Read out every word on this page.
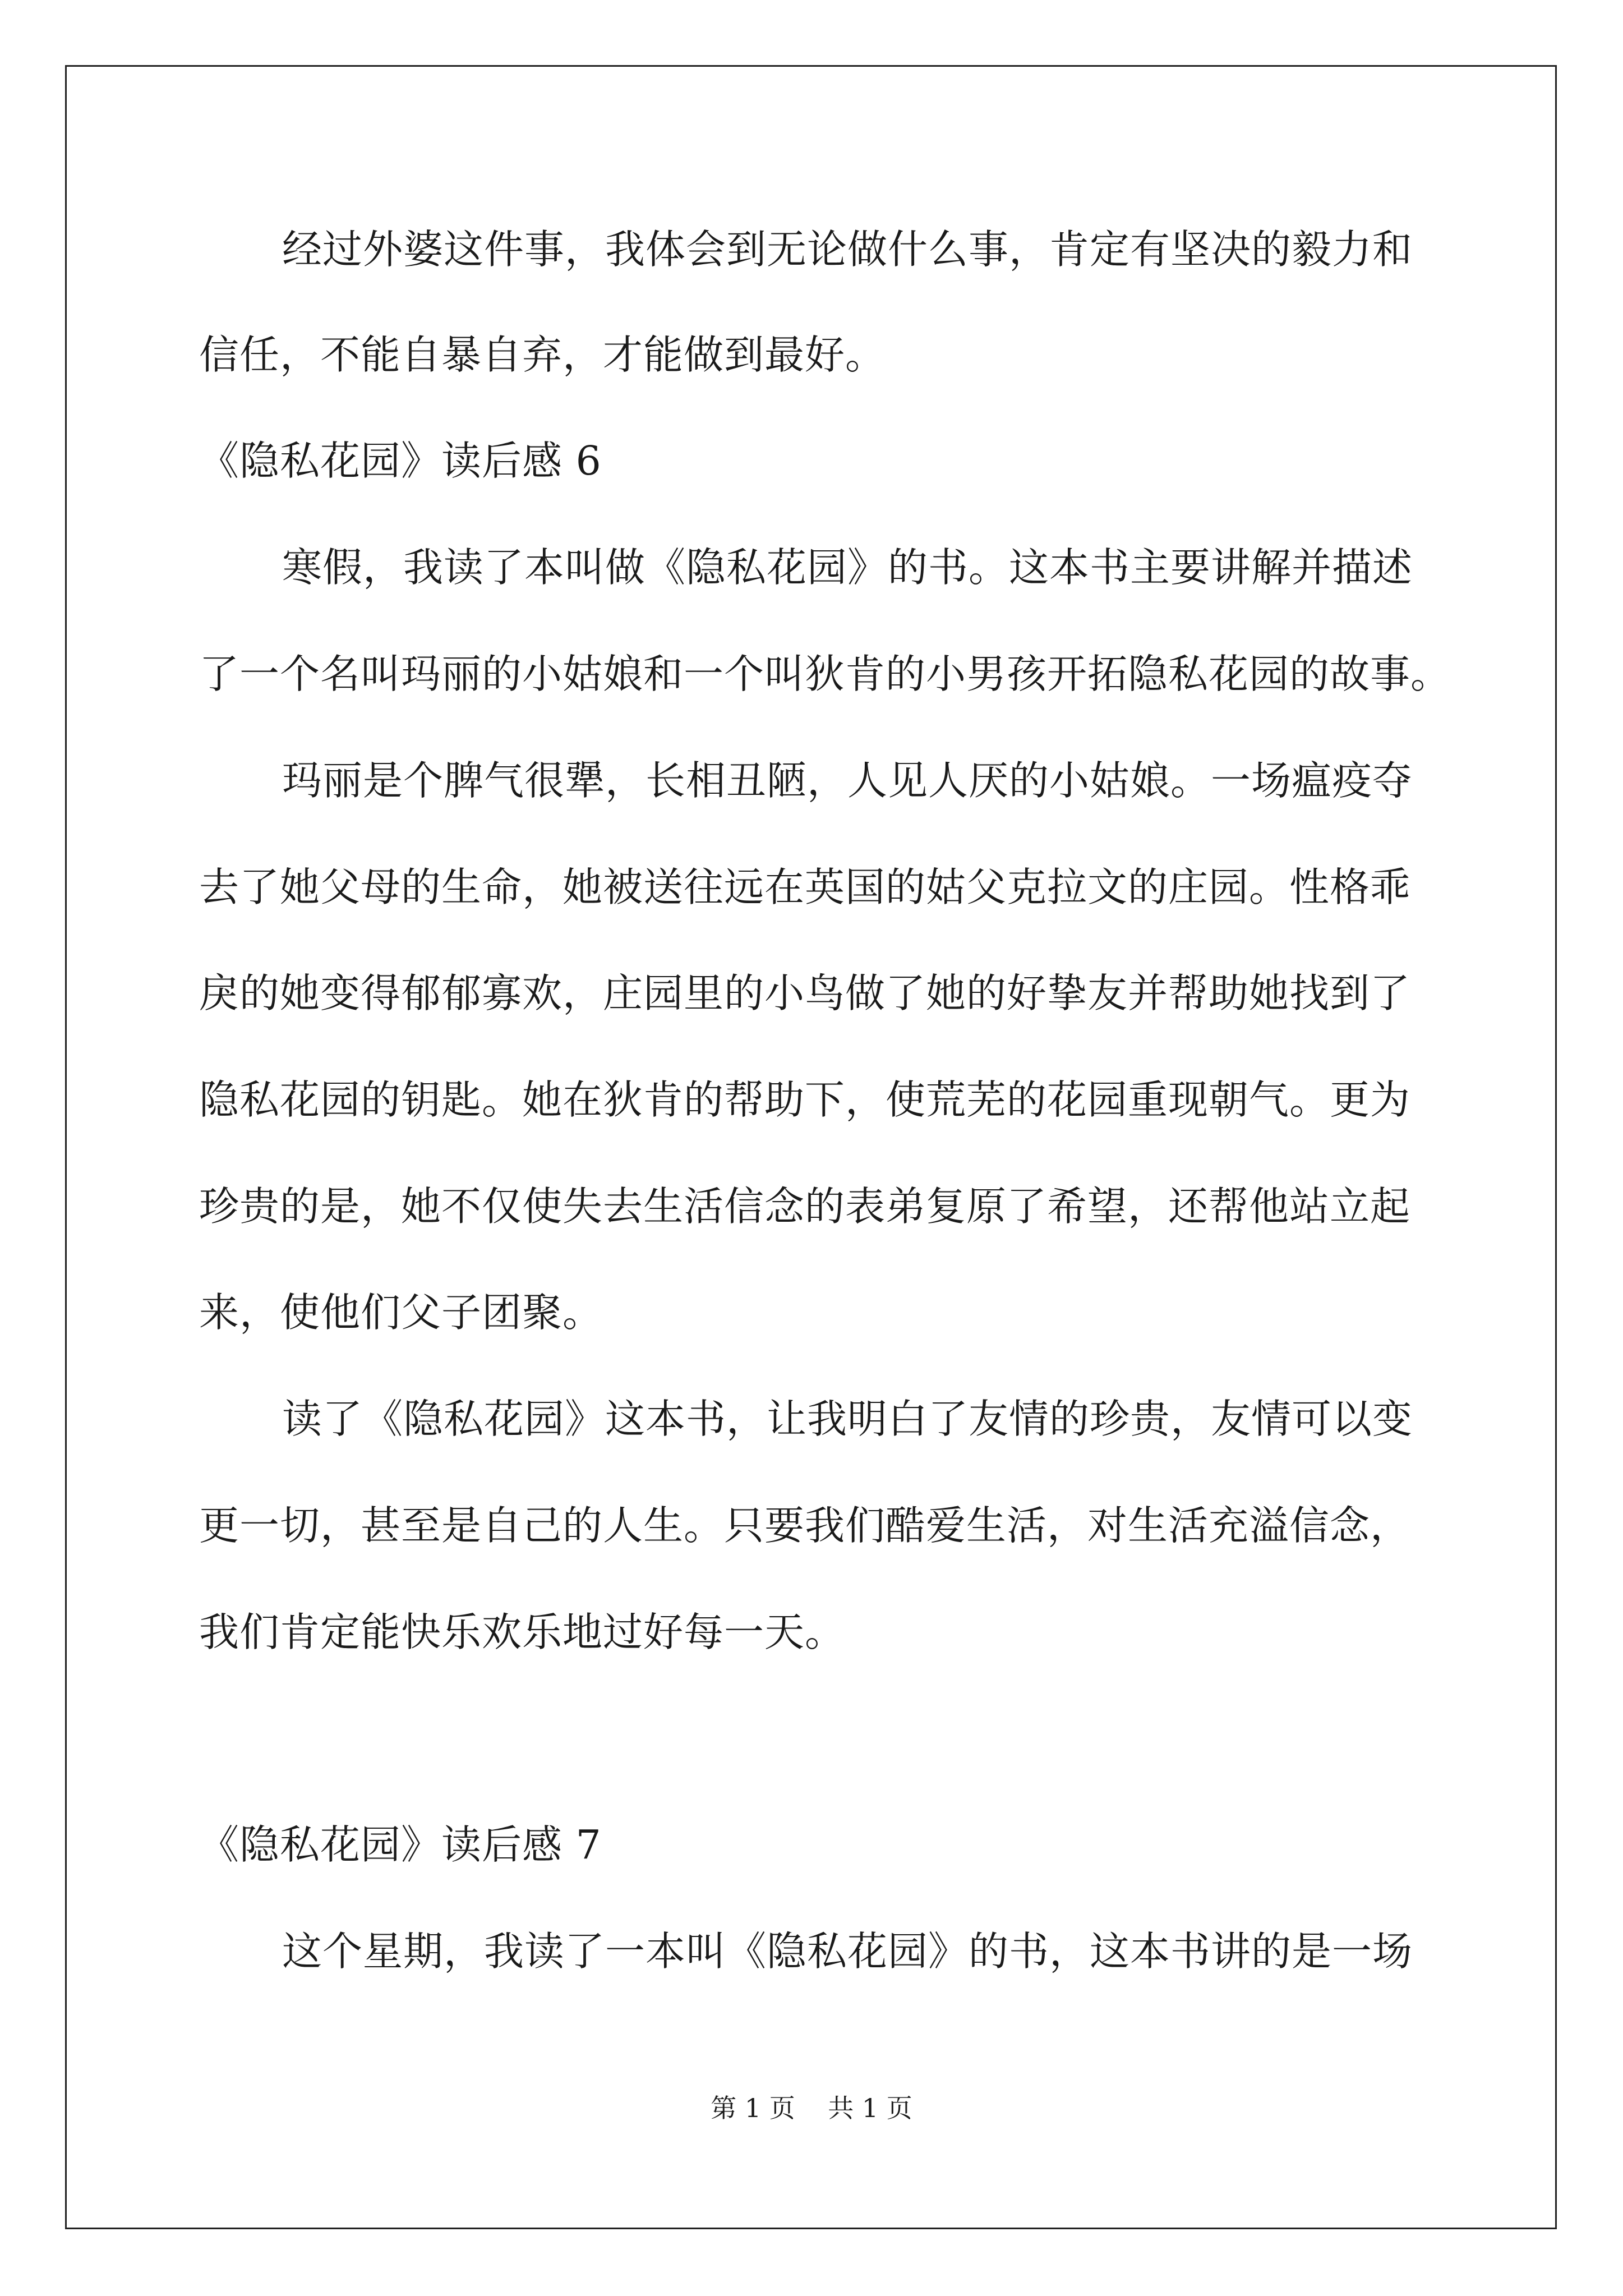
经过外婆这件事，我体会到无论做什么事，肯定有坚决的毅力和
信任，不能自暴自弃，才能做到最好。
《隐私花园》读后感 6
寒假，我读了本叫做《隐私花园》的书。这本书主要讲解并描述
了一个名叫玛丽的小姑娘和一个叫狄肯的小男孩开拓隐私花园的故事。
玛丽是个脾气很犟，长相丑陋，人见人厌的小姑娘。一场瘟疫夺
去了她父母的生命，她被送往远在英国的姑父克拉文的庄园。性格乖
戾的她变得郁郁寡欢，庄园里的小鸟做了她的好挚友并帮助她找到了
隐私花园的钥匙。她在狄肯的帮助下，使荒芜的花园重现朝气。更为
珍贵的是，她不仅使失去生活信念的表弟复原了希望，还帮他站立起
来，使他们父子团聚。
读了《隐私花园》这本书，让我明白了友情的珍贵，友情可以变
更一切，甚至是自己的人生。只要我们酷爱生活，对生活充溢信念，
我们肯定能快乐欢乐地过好每一天。
《隐私花园》读后感 7
这个星期，我读了一本叫《隐私花园》的书，这本书讲的是一场
第 1 页    共 1 页
